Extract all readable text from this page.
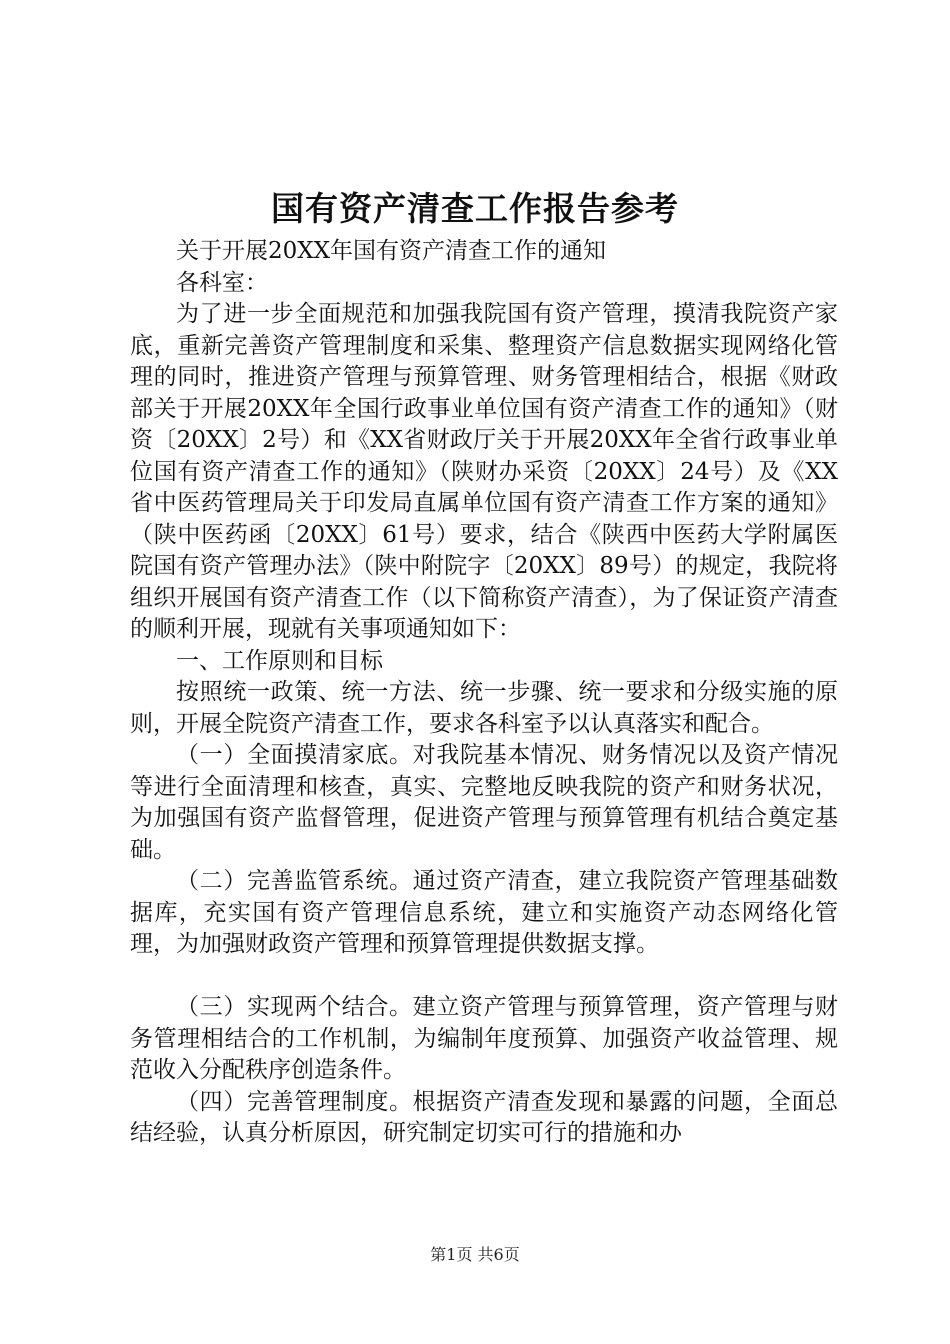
国有资产清查工作报告参考

关于开展20XX年国有资产清查工作的通知

各科室：

为了进一步全面规范和加强我院国有资产管理，摸清我院资产家底，重新完善资产管理制度和采集、整理资产信息数据实现网络化管理的同时，推进资产管理与预算管理、财务管理相结合，根据《财政部关于开展20XX年全国行政事业单位国有资产清查工作的通知》（财资〔20XX〕2号）和《XX省财政厅关于开展20XX年全省行政事业单位国有资产清查工作的通知》（陕财办采资〔20XX〕24号）及《XX省中医药管理局关于印发局直属单位国有资产清查工作方案的通知》（陕中医药函〔20XX〕61号）要求，结合《陕西中医药大学附属医院国有资产管理办法》（陕中附院字〔20XX〕89号）的规定，我院将组织开展国有资产清查工作（以下简称资产清查），为了保证资产清查的顺利开展，现就有关事项通知如下：

一、工作原则和目标

按照统一政策、统一方法、统一步骤、统一要求和分级实施的原则，开展全院资产清查工作，要求各科室予以认真落实和配合。

（一）全面摸清家底。对我院基本情况、财务情况以及资产情况等进行全面清理和核查，真实、完整地反映我院的资产和财务状况，为加强国有资产监督管理，促进资产管理与预算管理有机结合奠定基础。

（二）完善监管系统。通过资产清查，建立我院资产管理基础数据库，充实国有资产管理信息系统，建立和实施资产动态网络化管理，为加强财政资产管理和预算管理提供数据支撑。

（三）实现两个结合。建立资产管理与预算管理，资产管理与财务管理相结合的工作机制，为编制年度预算、加强资产收益管理、规范收入分配秩序创造条件。

（四）完善管理制度。根据资产清查发现和暴露的问题，全面总结经验，认真分析原因，研究制定切实可行的措施和办

第1页 共6页
